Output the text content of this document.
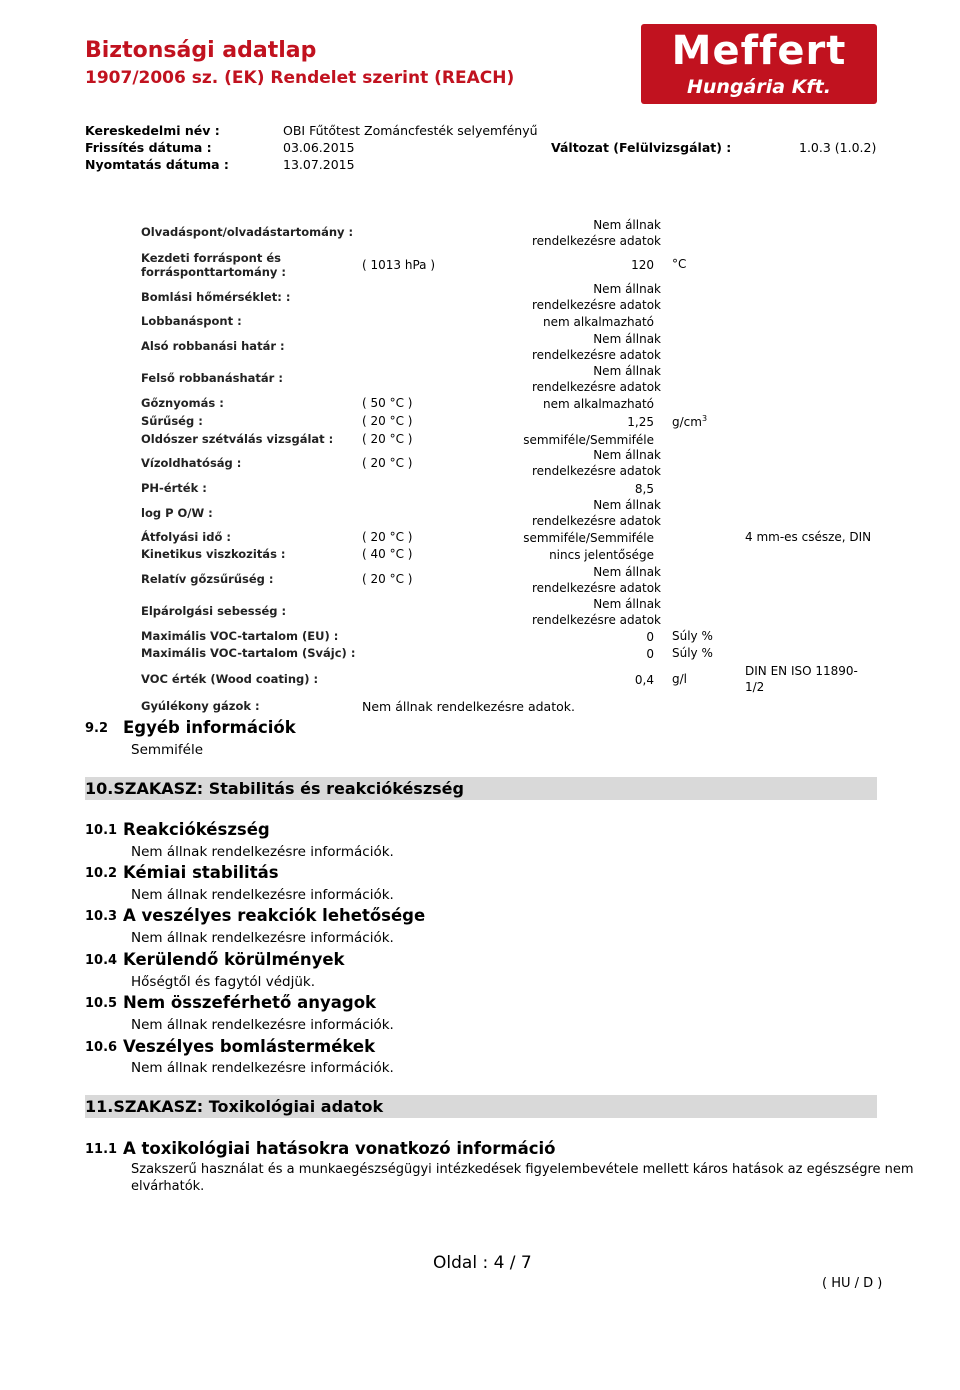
Biztonsági adatlap
1907/2006 sz. (EK) Rendelet szerint (REACH)
Meffert
Hungária Kft.
Kereskedelmi név :	OBI Fűtőtest Zománcfesték selyemfényű
Frissítés dátuma :	03.06.2015	Változat (Felülvizsgálat) :	1.0.3 (1.0.2)
Nyomtatás dátuma :	13.07.2015
Olvadáspont/olvadástartomány :	Nem állnak
rendelkezésre adatok
Kezdeti forráspont és forrásponttartomány :	( 1013 hPa )	120 °C
Bomlási hőmérséklet: :
Nem állnak
rendelkezésre adatok
Lobbanáspont :	nem alkalmazható
Alsó robbanási határ :	Nem állnak
rendelkezésre adatok
Felső robbanáshatár :	Nem állnak
rendelkezésre adatok
Gőznyomás :	( 50 °C )	nem alkalmazható
Sűrűség :	( 20 °C )	1,25 $g/cm^3$
Oldószer szétválás vizsgálat : ( 20 °C )	semmiféle/Semmiféle
Vízoldhatóság :	( 20 °C )
Nem állnak
rendelkezésre adatok
PH-érték :	8,5
log P O/W :
Nem állnak
rendelkezésre adatok
Átfolyási idő :	( 20 °C )	semmiféle/Semmiféle	4 mm-es csésze, DIN
Kinetikus viszkozitás :	( 40 °C )	nincs jelentősége
Relatív gőzsűrűség :	( 20 °C )	Nem állnak
rendelkezésre adatok
Elpárolgási sebesség :	Nem állnak
rendelkezésre adatok
Maximális VOC-tartalom (EU) :	0 Súly %
Maximális VOC-tartalom (Svájc) :	0 Súly %
VOC érték (Wood coating) :	0,4 g/l
DIN EN ISO 11890-
1/2
Gyúlékony gázok :	Nem állnak rendelkezésre adatok.
9.2 Egyéb információk
Semmiféle
10.SZAKASZ: Stabilitás és reakciókészség
10.1 Reakciókészség
Nem állnak rendelkezésre információk.
10.2 Kémiai stabilitás
Nem állnak rendelkezésre információk.
10.3 A veszélyes reakciók lehetősége
Nem állnak rendelkezésre információk.
10.4 Kerülendő körülmények
Hőségtől és fagytól védjük.
10.5 Nem összeférhető anyagok
Nem állnak rendelkezésre információk.
10.6 Veszélyes bomlástermékek
Nem állnak rendelkezésre információk.
11.SZAKASZ: Toxikológiai adatok
11.1 A toxikológiai hatásokra vonatkozó információ
Szakszerű használat és a munkaegészségügyi intézkedések figyelembevétele mellett káros hatások az egészségre nem
elvárhatók.
Oldal : 4 / 7
( HU / D )
